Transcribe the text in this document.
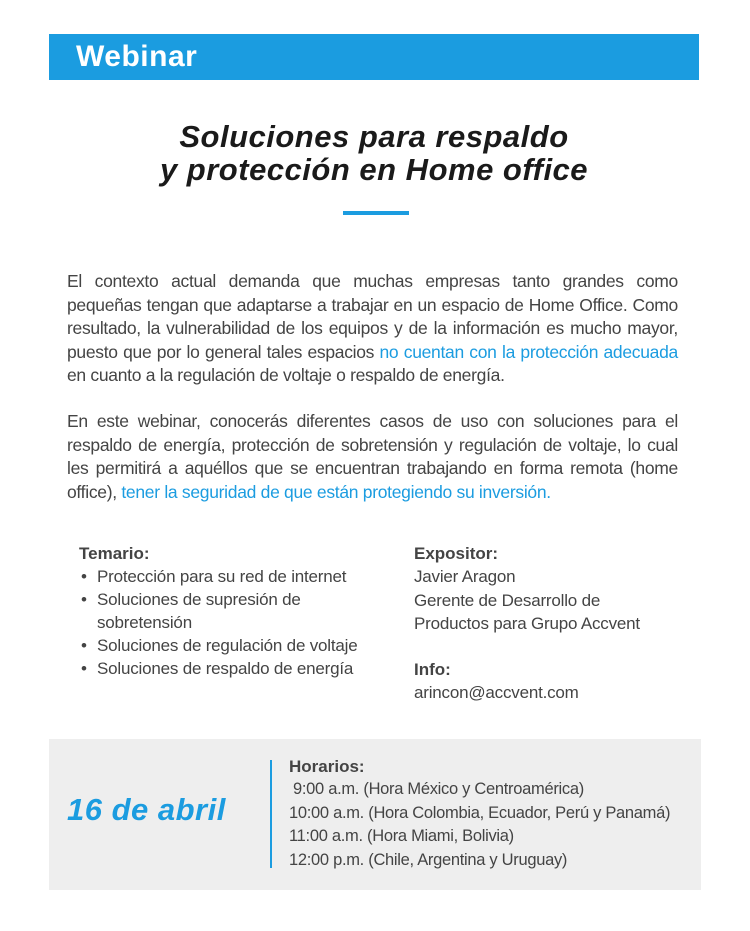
Webinar
Soluciones para respaldo
y protección en Home office

El contexto actual demanda que muchas empresas tanto grandes como pequeñas tengan que adaptarse a trabajar en un espacio de Home Office. Como resultado, la vulnerabilidad de los equipos y de la información es mucho mayor, puesto que por lo general tales espacios no cuentan con la protección adecuada en cuanto a la regulación de voltaje o respaldo de energía.

En este webinar, conocerás diferentes casos de uso con soluciones para el respaldo de energía, protección de sobretensión y regulación de voltaje, lo cual les permitirá a aquéllos que se encuentran trabajando en forma remota (home office), tener la seguridad de que están protegiendo su inversión.

Temario:
• Protección para su red de internet
• Soluciones de supresión de sobretensión
• Soluciones de regulación de voltaje
• Soluciones de respaldo de energía
Expositor:
Javier Aragon
Gerente de Desarrollo de
Productos para Grupo Accvent
Info:
arincon@accvent.com
16 de abril
Horarios:
9:00 a.m. (Hora México y Centroamérica)
10:00 a.m. (Hora Colombia, Ecuador, Perú y Panamá)
11:00 a.m. (Hora Miami, Bolivia)
12:00 p.m. (Chile, Argentina y Uruguay)
